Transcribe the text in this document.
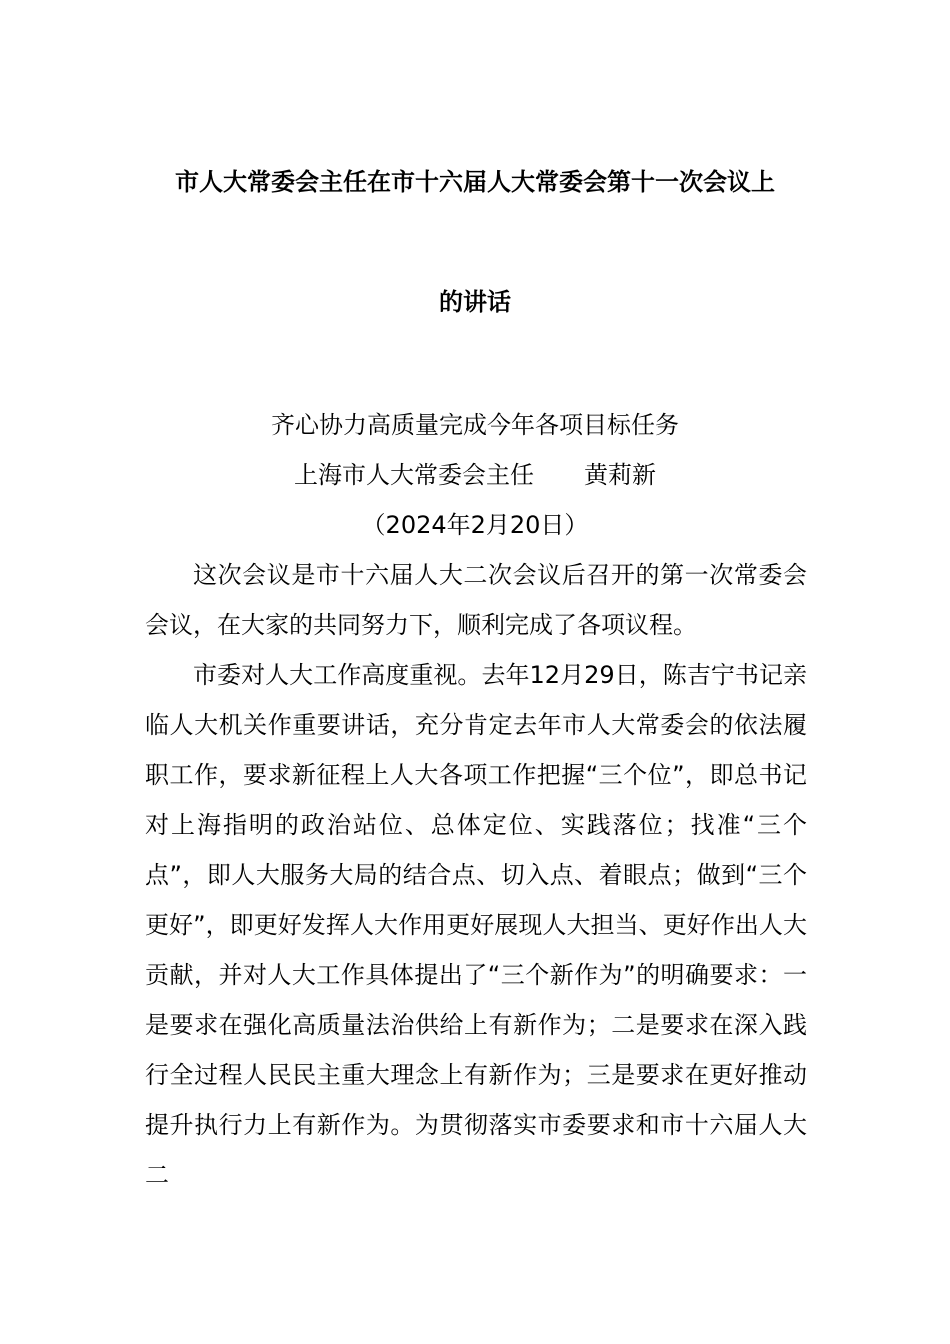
市人大常委会主任在市十六届人大常委会第十一次会议上
的讲话
齐心协力高质量完成今年各项目标任务
上海市人大常委会主任 黄莉新
（2024年2月20日）

这次会议是市十六届人大二次会议后召开的第一次常委会会议，在大家的共同努力下，顺利完成了各项议程。

市委对人大工作高度重视。去年12月29日，陈吉宁书记亲临人大机关作重要讲话，充分肯定去年市人大常委会的依法履职工作，要求新征程上人大各项工作把握“三个位”，即总书记对上海指明的政治站位、总体定位、实践落位；找准“三个点”，即人大服务大局的结合点、切入点、着眼点；做到“三个更好”，即更好发挥人大作用更好展现人大担当、更好作出人大贡献，并对人大工作具体提出了“三个新作为”的明确要求：一是要求在强化高质量法治供给上有新作为；二是要求在深入践行全过程人民民主重大理念上有新作为；三是要求在更好推动提升执行力上有新作为。为贯彻落实市委要求和市十六届人大二
